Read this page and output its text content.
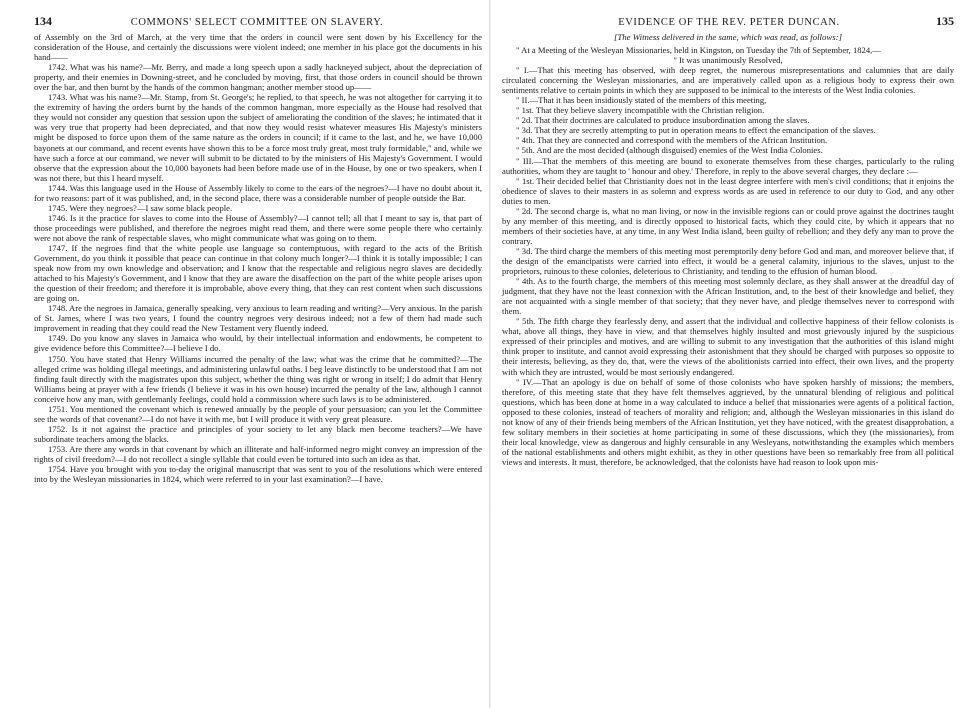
134	COMMONS' SELECT COMMITTEE ON SLAVERY.

of Assembly on the 3rd of March, at the very time that the orders in council were sent down by his Excellency for the consideration of the House, and certainly the discussions were violent indeed; one member in his place got the documents in his hand——

1742. What was his name?—Mr. Berry, and made a long speech upon a sadly hackneyed subject, about the depreciation of property, and their enemies in Downing-street, and he concluded by moving, first, that those orders in council should be thrown over the bar, and then burnt by the hands of the common hangman; another member stood up——

1743. What was his name?—Mr. Stamp, from St. George's; he replied, to that speech, he was not altogether for carrying it to the extremity of having the orders burnt by the hands of the common hangman, more especially as the House had resolved that they would not consider any question that session upon the subject of ameliorating the condition of the slaves; he intimated that it was very true that property had been depreciated, and that now they would resist whatever measures His Majesty's ministers might be disposed to force upon them of the same nature as the orders in council; if it came to the last, and he, we have 10,000 bayonets at our command, and recent events have shown this to be a force most truly great, most truly formidable," and, while we have such a force at our command, we never will submit to be dictated to by the ministers of His Majesty's Government. I would observe that the expression about the 10,000 bayonets had been before made use of in the House, by one or two speakers, when I was not there, but this I heard myself.

1744. Was this language used in the House of Assembly likely to come to the ears of the negroes?—I have no doubt about it, for two reasons: part of it was published, and, in the second place, there was a considerable number of people outside the Bar.

1745. Were they negroes?—I saw some black people.

1746. Is it the practice for slaves to come into the House of Assembly?—I cannot tell; all that I meant to say is, that part of those proceedings were published, and therefore the negroes might read them, and there were some people there who certainly were not above the rank of respectable slaves, who might communicate what was going on to them.

1747. If the negroes find that the white people use language so contemptuous, with regard to the acts of the British Government, do you think it possible that peace can continue in that colony much longer?—I think it is totally impossible; I can speak now from my own knowledge and observation; and I know that the respectable and religious negro slaves are decidedly attached to his Majesty's Government, and I know that they are aware the disaffection on the part of the white people arises upon the question of their freedom; and therefore it is improbable, above every thing, that they can rest content when such discussions are going on.

1748. Are the negroes in Jamaica, generally speaking, very anxious to learn reading and writing?—Very anxious. In the parish of St. James, where I was two years, I found the country negroes very desirous indeed; not a few of them had made such improvement in reading that they could read the New Testament very fluently indeed.

1749. Do you know any slaves in Jamaica who would, by their intellectual information and endowments, be competent to give evidence before this Committee?—I believe I do.

1750. You have stated that Henry Williams incurred the penalty of the law; what was the crime that he committed?—The alleged crime was holding illegal meetings, and administering unlawful oaths. I beg leave distinctly to be understood that I am not finding fault directly with the magistrates upon this subject, whether the thing was right or wrong in itself; I do admit that Henry Williams being at prayer with a few friends (I believe it was in his own house) incurred the penalty of the law, although I cannot conceive how any man, with gentlemanly feelings, could hold a commission where such laws is to be administered.

1751. You mentioned the covenant which is renewed annually by the people of your persuasion; can you let the Committee see the words of that covenant?—I do not have it with me, but I will produce it with very great pleasure.

1752. Is it not against the practice and principles of your society to let any black men become teachers?—We have subordinate teachers among the blacks.

1753. Are there any words in that covenant by which an illiterate and half-informed negro might convey an impression of the rights of civil freedom?—I do not recollect a single syllable that could even be tortured into such an idea as that.

1754. Have you brought with you to-day the original manuscript that was sent to you of the resolutions which were entered into by the Wesleyan missionaries in 1824, which were referred to in your last examination?—I have.

EVIDENCE OF THE REV. PETER DUNCAN.	135
[The Witness delivered in the same, which was read, as follows:]

" At a Meeting of the Wesleyan Missionaries, held in Kingston, on Tuesday the 7th of September, 1824,—

" It was unanimously Resolved,

" I.—That this meeting has observed, with deep regret, the numerous misrepresentations and calumnies that are daily circulated concerning the Wesleyan missionaries, and are imperatively called upon as a religious body to express their own sentiments relative to certain points in which they are supposed to be inimical to the interests of the West India colonies.

" II.—That it has been insidiously stated of the members of this meeting,

" 1st. That they believe slavery incompatible with the Christian religion.

" 2d. That their doctrines are calculated to produce insubordination among the slaves.

" 3d. That they are secretly attempting to put in operation means to effect the emancipation of the slaves.

" 4th. That they are connected and correspond with the members of the African Institution.

" 5th. And are the most decided (although disguised) enemies of the West India Colonies.

" III.—That the members of this meeting are bound to exonerate themselves from these charges, particularly to the ruling authorities, whom they are taught to ' honour and obey.' Therefore, in reply to the above several charges, they declare :—

" 1st. Their decided belief that Christianity does not in the least degree interfere with men's civil conditions; that it enjoins the obedience of slaves to their masters in as solemn and express words as are used in reference to our duty to God, and any other duties to men.

" 2d. The second charge is, what no man living, or now in the invisible regions can or could prove against the doctrines taught by any member of this meeting, and is directly opposed to historical facts, which they could cite, by which it appears that no members of their societies have, at any time, in any West India island, been guilty of rebellion; and they defy any man to prove the contrary.

" 3d. The third charge the members of this meeting most peremptorily deny before God and man, and moreover believe that, if the design of the emancipatists were carried into effect, it would be a general calamity, injurious to the slaves, unjust to the proprietors, ruinous to these colonies, deleterious to Christianity, and tending to the effusion of human blood.

" 4th. As to the fourth charge, the members of this meeting most solemnly declare, as they shall answer at the dreadful day of judgment, that they have not the least connexion with the African Institution, and, to the best of their knowledge and belief, they are not acquainted with a single member of that society; that they never have, and pledge themselves never to correspond with them.

" 5th. The fifth charge they fearlessly deny, and assert that the individual and collective happiness of their fellow colonists is what, above all things, they have in view, and that themselves highly insulted and most grievously injured by the suspicious expressed of their principles and motives, and are willing to submit to any investigation that the authorities of this island might think proper to institute, and cannot avoid expressing their astonishment that they should be charged with purposes so opposite to their interests, believing, as they do, that, were the views of the abolitionists carried into effect, their own lives, and the property with which they are intrusted, would be most seriously endangered.

" IV.—That an apology is due on behalf of some of those colonists who have spoken harshly of missions; the members, therefore, of this meeting state that they have felt themselves aggrieved, by the unnatural blending of religious and political questions, which has been done at home in a way calculated to induce a belief that missionaries were agents of a political faction, opposed to these colonies, instead of teachers of morality and religion; and, although the Wesleyan missionaries in this island do not know of any of their friends being members of the African Institution, yet they have noticed, with the greatest disapprobation, a few solitary members in their societies at home participating in some of these discussions, which they (the missionaries), from their local knowledge, view as dangerous and highly censurable in any Wesleyans, notwithstanding the examples which members of the national establishments and others might exhibit, as they in other questions have been so remarkably free from all political views and interests. It must, therefore, be acknowledged, that the colonists have had reason to look upon mis-
